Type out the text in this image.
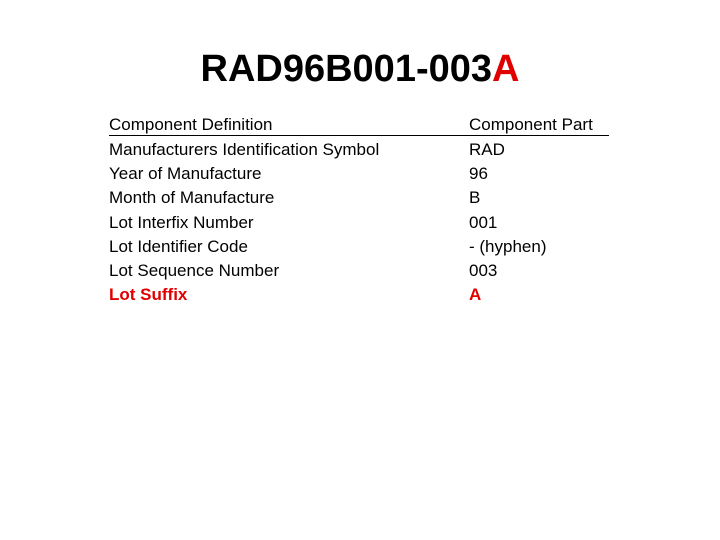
RAD96B001-003A
Component Definition	Component Part
Manufacturers Identification Symbol	RAD
Year of Manufacture	96
Month of Manufacture	B
Lot Interfix Number	001
Lot Identifier Code	- (hyphen)
Lot Sequence Number	003
Lot Suffix	A
